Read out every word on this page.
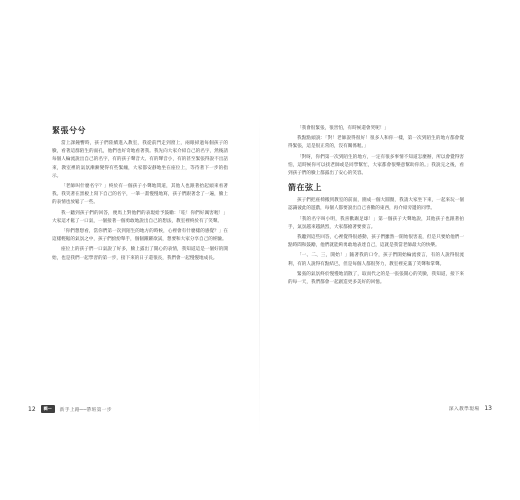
緊張兮兮

當上課鐘響時，孩子們陸續進入教室，我從前門走到窗上，兩眼掃過每個孩子的臉，看著這群陌生的面孔，他們也好奇地看著我。我先向大家介紹自己的名字，然後請每個人輪流說出自己的名字，有的孩子聲音大、有的聲音小，有的甚至緊張得說不出話來，教室裡的氣氛漸漸變得有些緊繃，大家都安靜地坐在座位上，等待著下一步的指示。

「老師叫什麼名字？」終於有一個孩子小聲地問道，其他人也跟著抬起頭來看著我。我笑著在黑板上寫下自己的名字，一筆一畫慢慢地寫，孩子們跟著念了一遍，臉上的表情也放鬆了一些。

我一聽到孩子們的回答，便馬上對他們的表現給予鼓勵：「哇！你們好厲害喔！」大家這才鬆了一口氣，一個接著一個勇敢地說出自己的想法，教室裡終於有了笑聲。

「你們想想看，當你們第一次到陌生的地方的時候，心裡會有什麼樣的感覺？」在這樣輕鬆的氣氛之中，孩子們紛紛舉手，個個躍躍欲試，想要和大家分享自己的經驗。

座位上的孩子們一口氣說了好多，臉上露出了開心的表情，我知道這是一個好的開始，也是我們一起學習的第一步，接下來的日子還很長，我們會一起慢慢地成長。

12	輯一	新手上路──帶班第一步

「我會很緊張，很害怕，有時候還會哭呢！」

我點點頭說：「對！老師說得很好！很多人和你一樣，第一次到陌生的地方都會覺得緊張，這是很正常的，沒有關係喔。」

「對呀，你們第一次到陌生的地方，一定有很多事情不知道怎麼辦，所以會覺得害怕，這時候你可以找老師或是同學幫忙，大家都會很樂意幫助你的。」我說完之後，看到孩子們的臉上都露出了安心的笑容。

箭在弦上

孩子們把座椅搬到教室的前面，圍成一個大圓圈，我請大家坐下來，一起來玩一個認識彼此的遊戲，每個人都要說出自己喜歡的東西，再介紹旁邊的同學。

「我的名字叫小明，我喜歡踢足球！」第一個孩子大聲地說，其他孩子也跟著拍手，氣氛越來越熱烈，大家都搶著要發言。

我聽到這些回答，心裡覺得很感動，孩子們雖然一開始很害羞，但是只要給他們一點時間和鼓勵，他們就能夠勇敢地表達自己，這就是我當老師最大的快樂。

「一、二、三，開始！」隨著我的口令，孩子們開始輪流發言，有的人說得很流利，有的人說得有點結巴，但是每個人都很努力，教室裡充滿了笑聲和掌聲。

緊張的氣氛終於慢慢地消散了，取而代之的是一張張開心的笑臉，我知道，接下來的每一天，我們都會一起創造更多美好的回憶。

深入教學現場 13
